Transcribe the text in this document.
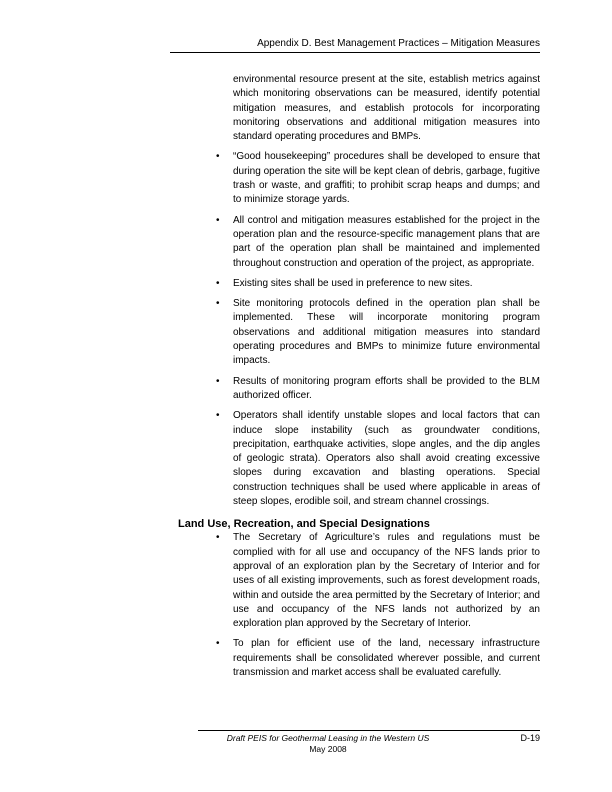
Appendix D. Best Management Practices – Mitigation Measures

environmental resource present at the site, establish metrics against which monitoring observations can be measured, identify potential mitigation measures, and establish protocols for incorporating monitoring observations and additional mitigation measures into standard operating procedures and BMPs.

• “Good housekeeping” procedures shall be developed to ensure that during operation the site will be kept clean of debris, garbage, fugitive trash or waste, and graffiti; to prohibit scrap heaps and dumps; and to minimize storage yards.

• All control and mitigation measures established for the project in the operation plan and the resource-specific management plans that are part of the operation plan shall be maintained and implemented throughout construction and operation of the project, as appropriate.

• Existing sites shall be used in preference to new sites.

• Site monitoring protocols defined in the operation plan shall be implemented. These will incorporate monitoring program observations and additional mitigation measures into standard operating procedures and BMPs to minimize future environmental impacts.

• Results of monitoring program efforts shall be provided to the BLM authorized officer.

• Operators shall identify unstable slopes and local factors that can induce slope instability (such as groundwater conditions, precipitation, earthquake activities, slope angles, and the dip angles of geologic strata). Operators also shall avoid creating excessive slopes during excavation and blasting operations. Special construction techniques shall be used where applicable in areas of steep slopes, erodible soil, and stream channel crossings.

Land Use, Recreation, and Special Designations
• The Secretary of Agriculture’s rules and regulations must be complied with for all use and occupancy of the NFS lands prior to approval of an exploration plan by the Secretary of Interior and for uses of all existing improvements, such as forest development roads, within and outside the area permitted by the Secretary of Interior; and use and occupancy of the NFS lands not authorized by an exploration plan approved by the Secretary of Interior.

• To plan for efficient use of the land, necessary infrastructure requirements shall be consolidated wherever possible, and current transmission and market access shall be evaluated carefully.

Draft PEIS for Geothermal Leasing in the Western US
May 2008
D-19
